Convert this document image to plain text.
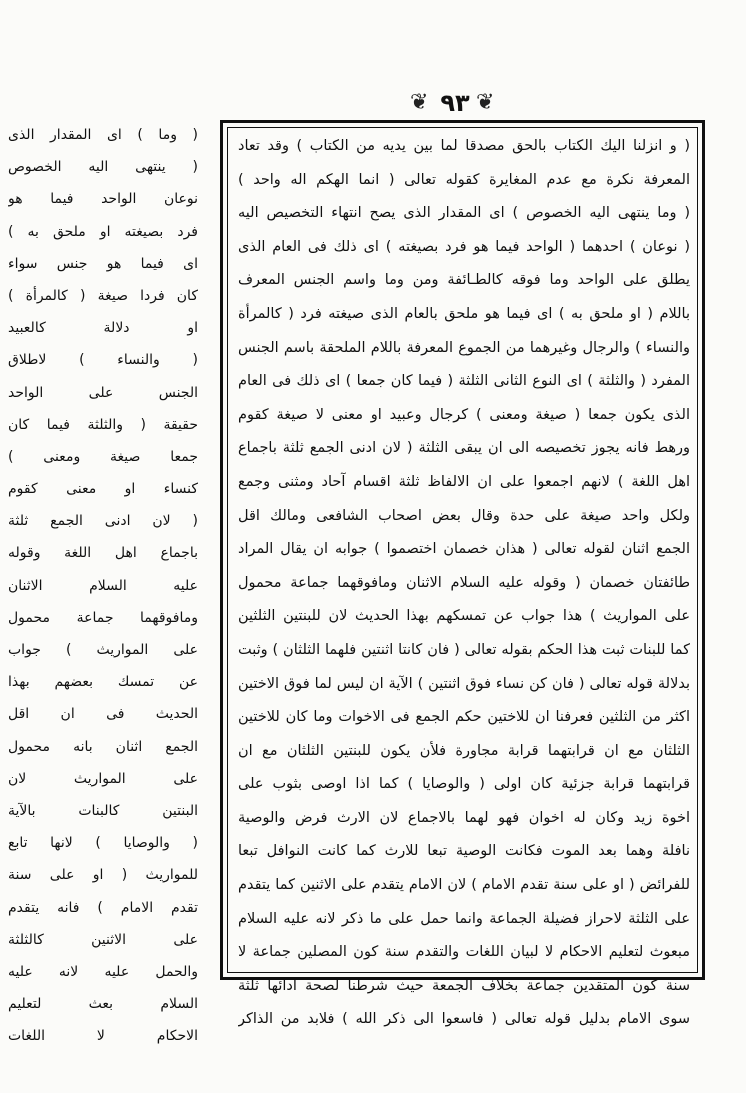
❦ ٩٣ ❦
( و انزلنا اليك الكتاب بالحق مصدقا لما بين يديه من الكتاب ) وقد تعاد
المعرفة نكرة مع عدم المغايرة كقوله تعالى ( انما الهكم اله واحد )
( وما ينتهى اليه الخصوص ) اى المقدار الذى يصح انتهاء التخصيص اليه
( نوعان ) احدهما ( الواحد فيما هو فرد بصيغته ) اى ذلك فى العام الذى
يطلق على الواحد وما فوقه كالطـائفة ومن وما واسم الجنس المعرف
باللام ( او ملحق به ) اى فيما هو ملحق بالعام الذى صيغته فرد ( كالمرأة
والنساء ) والرجال وغيرهما من الجموع المعرفة باللام الملحقة باسم الجنس
المفرد ( والثلثة ) اى النوع الثانى الثلثة ( فيما كان جمعا ) اى ذلك فى العام
الذى يكون جمعا ( صيغة ومعنى ) كرجال وعبيد او معنى لا صيغة كقوم
ورهط فانه يجوز تخصيصه الى ان يبقى الثلثة ( لان ادنى الجمع ثلثة باجماع
اهل اللغة ) لانهم اجمعوا على ان الالفاظ ثلثة اقسام آحاد ومثنى وجمع
ولكل واحد صيغة على حدة وقال بعض اصحاب الشافعى ومالك اقل
الجمع اثنان لقوله تعالى ( هذان خصمان اختصموا ) جوابه ان يقال المراد
طائفتان خصمان ( وقوله عليه السلام الاثنان ومافوقهما جماعة محمول
على المواريث ) هذا جواب عن تمسكهم بهذا الحديث لان للبنتين الثلثين
كما للبنات ثبت هذا الحكم بقوله تعالى ( فان كانتا اثنتين فلهما الثلثان ) وثبت
بدلالة قوله تعالى ( فان كن نساء فوق اثنتين ) الآية ان ليس لما فوق الاختين
اكثر من الثلثين فعرفنا ان للاختين حكم الجمع فى الاخوات وما كان للاختين
الثلثان مع ان قرابتهما قرابة مجاورة فلأن يكون للبنتين الثلثان مع ان
قرابتهما قرابة جزئية كان اولى ( والوصايا ) كما اذا اوصى بثوب على
اخوة زيد وكان له اخوان فهو لهما بالاجماع لان الارث فرض والوصية
نافلة وهما بعد الموت فكانت الوصية تبعا للارث كما كانت النوافل تبعا
للفرائض ( او على سنة تقدم الامام ) لان الامام يتقدم على الاثنين كما يتقدم
على الثلثة لاحراز فضيلة الجماعة وانما حمل على ما ذكر لانه عليه السلام
مبعوث لتعليم الاحكام لا لبيان اللغات والتقدم سنة كون المصلين جماعة لا
سنة كون المتقدين جماعة بخلاف الجمعة حيث شرطنا لصحة ادائها ثلثة
سوى الامام بدليل قوله تعالى ( فاسعوا الى ذكر الله ) فلابد من الذاكر
( وما ) اى المقدار الذى
( ينتهى اليه الخصوص
نوعان الواحد فيما هو
فرد بصيغته او ملحق به )
اى فيما هو جنس سواء
كان فردا صيغة ( كالمرأة )
او دلالة كالعبيد
( والنساء ) لاطلاق
الجنس على الواحد
حقيقة ( والثلثة فيما كان
جمعا صيغة ومعنى )
كنساء او معنى كقوم
( لان ادنى الجمع ثلثة
باجماع اهل اللغة وقوله
عليه السلام الاثنان
ومافوقهما جماعة محمول
على المواريث ) جواب
عن تمسك بعضهم بهذا
الحديث فى ان اقل
الجمع اثنان بانه محمول
على المواريث لان
البنتين كالبنات بالآية
( والوصايا ) لانها تابع
للمواريث ( او على سنة
تقدم الامام ) فانه يتقدم
على الاثنين كالثلثة
والحمل عليه لانه عليه
السلام بعث لتعليم
الاحكام لا اللغات
